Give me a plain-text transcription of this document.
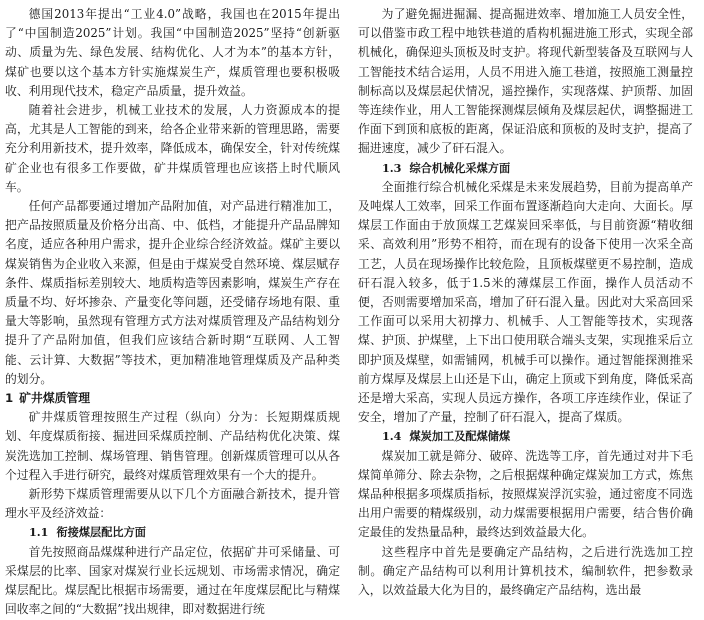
德国2013年提出“工业4.0”战略，我国也在2015年提出了“中国制造2025”计划。我国“中国制造2025”坚持“创新驱动、质量为先、绿色发展、结构优化、人才为本”的基本方针，煤矿也要以这个基本方针实施煤炭生产，煤质管理也要积极吸收、利用现代技术，稳定产品质量，提升效益。

随着社会进步，机械工业技术的发展，人力资源成本的提高，尤其是人工智能的到来，给各企业带来新的管理思路，需要充分利用新技术，提升效率，降低成本，确保安全，针对传统煤矿企业也有很多工作要做，矿井煤质管理也应该搭上时代顺风车。

任何产品都要通过增加产品附加值，对产品进行精准加工，把产品按照质量及价格分出高、中、低档，才能提升产品品牌知名度，适应各种用户需求，提升企业综合经济效益。煤矿主要以煤炭销售为企业收入来源，但是由于煤炭受自然环境、煤层赋存条件、煤质指标差别较大、地质构造等因素影响，煤炭生产存在质量不均、好坏掺杂、产量变化等问题，还受储存场地有限、重量大等影响，虽然现有管理方式方法对煤质管理及产品结构划分提升了产品附加值，但我们应该结合新时期“互联网、人工智能、云计算、大数据”等技术，更加精准地管理煤质及产品种类的划分。

1 矿井煤质管理

矿井煤质管理按照生产过程（纵向）分为：长短期煤质规划、年度煤质衔接、掘进回采煤质控制、产品结构优化决策、煤炭洗选加工控制、煤场管理、销售管理。创新煤质管理可以从各个过程入手进行研究，最终对煤质管理效果有一个大的提升。

新形势下煤质管理需要从以下几个方面融合新技术，提升管理水平及经济效益：

1.1 衔接煤层配比方面

首先按照商品煤煤种进行产品定位，依据矿井可采储量、可采煤层的比率、国家对煤炭行业长远规划、市场需求情况，确定煤层配比。煤层配比根据市场需要，通过在年度煤层配比与精煤回收率之间的“大数据”找出规律，即对数据进行统

为了避免掘进掘漏、提高掘进效率、增加施工人员安全性，可以借鉴市政工程中地铁巷道的盾构机掘进施工形式，实现全部机械化，确保迎头顶板及时支护。将现代新型装备及互联网与人工智能技术结合运用，人员不用进入施工巷道，按照施工测量控制标高以及煤层起伏情况，遥控操作，实现落煤、护顶帮、加固等连续作业，用人工智能探测煤层倾角及煤层起伏，调整掘进工作面下到顶和底板的距离，保证沿底和顶板的及时支护，提高了掘进速度，减少了矸石混入。

1.3 综合机械化采煤方面

全面推行综合机械化采煤是未来发展趋势，目前为提高单产及吨煤人工效率，回采工作面布置逐渐趋向大走向、大面长。厚煤层工作面由于放顶煤工艺煤炭回采率低，与目前资源“精收细采、高效利用”形势不相符，而在现有的设备下使用一次采全高工艺，人员在现场操作比较危险，且顶板煤壁更不易控制，造成矸石混入较多，低于1.5米的薄煤层工作面，操作人员活动不便，否则需要增加采高，增加了矸石混入量。因此对大采高回采工作面可以采用大初撑力、机械手、人工智能等技术，实现落煤、护顶、护煤壁，上下出口使用联合端头支架，实现推采后立即护顶及煤壁，如需铺网，机械手可以操作。通过智能探测推采前方煤厚及煤层上山还是下山，确定上顶或下到角度，降低采高还是增大采高，实现人员远方操作，各项工序连续作业，保证了安全，增加了产量，控制了矸石混入，提高了煤质。

1.4 煤炭加工及配煤储煤

煤炭加工就是筛分、破碎、洗选等工序，首先通过对井下毛煤简单筛分、除去杂物，之后根据煤种确定煤炭加工方式，炼焦煤品种根据多项煤质指标，按照煤炭浮沉实验，通过密度不同选出用户需要的精煤级别，动力煤需要根据用户需要，结合售价确定最佳的发热量品种，最终达到效益最大化。

这些程序中首先是要确定产品结构，之后进行洗选加工控制。确定产品结构可以利用计算机技术，编制软件，把参数录入，以效益最大化为目的，最终确定产品结构，选出最
